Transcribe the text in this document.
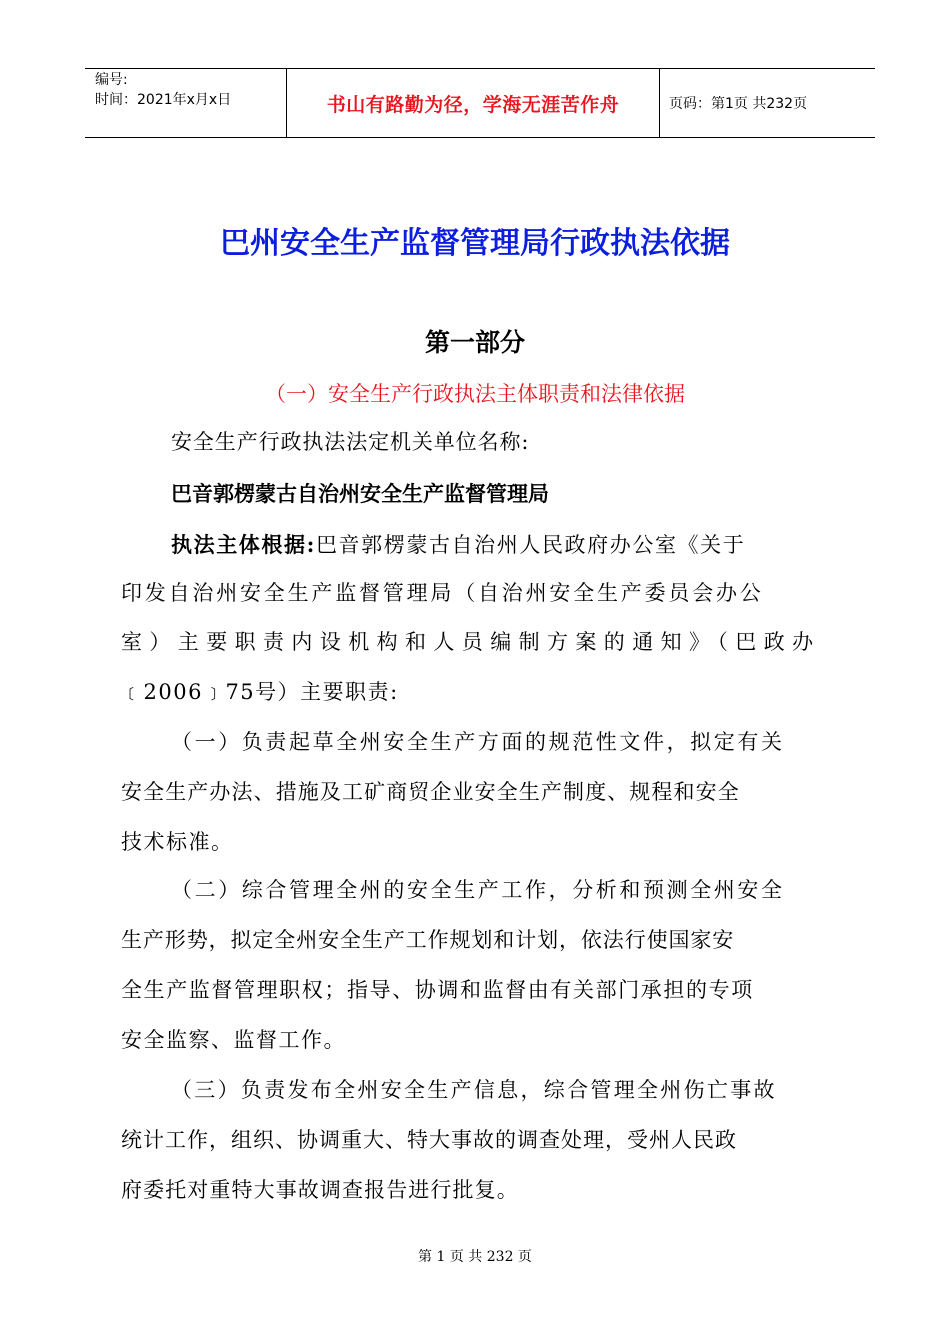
编号:
时间：2021年x月x日	书山有路勤为径，学海无涯苦作舟	页码：第1页 共232页
巴州安全生产监督管理局行政执法依据
第一部分
（一）安全生产行政执法主体职责和法律依据
安全生产行政执法法定机关单位名称:
巴音郭楞蒙古自治州安全生产监督管理局
执法主体根据:巴音郭楞蒙古自治州人民政府办公室《关于
印发自治州安全生产监督管理局（自治州安全生产委员会办公
室）主要职责内设机构和人员编制方案的通知》（巴政办
﹝2006﹞75号）主要职责:
（一）负责起草全州安全生产方面的规范性文件，拟定有关
安全生产办法、措施及工矿商贸企业安全生产制度、规程和安全
技术标准。
（二）综合管理全州的安全生产工作，分析和预测全州安全
生产形势，拟定全州安全生产工作规划和计划，依法行使国家安
全生产监督管理职权；指导、协调和监督由有关部门承担的专项
安全监察、监督工作。
（三）负责发布全州安全生产信息，综合管理全州伤亡事故
统计工作，组织、协调重大、特大事故的调查处理，受州人民政
府委托对重特大事故调查报告进行批复。
第 1 页 共 232 页
